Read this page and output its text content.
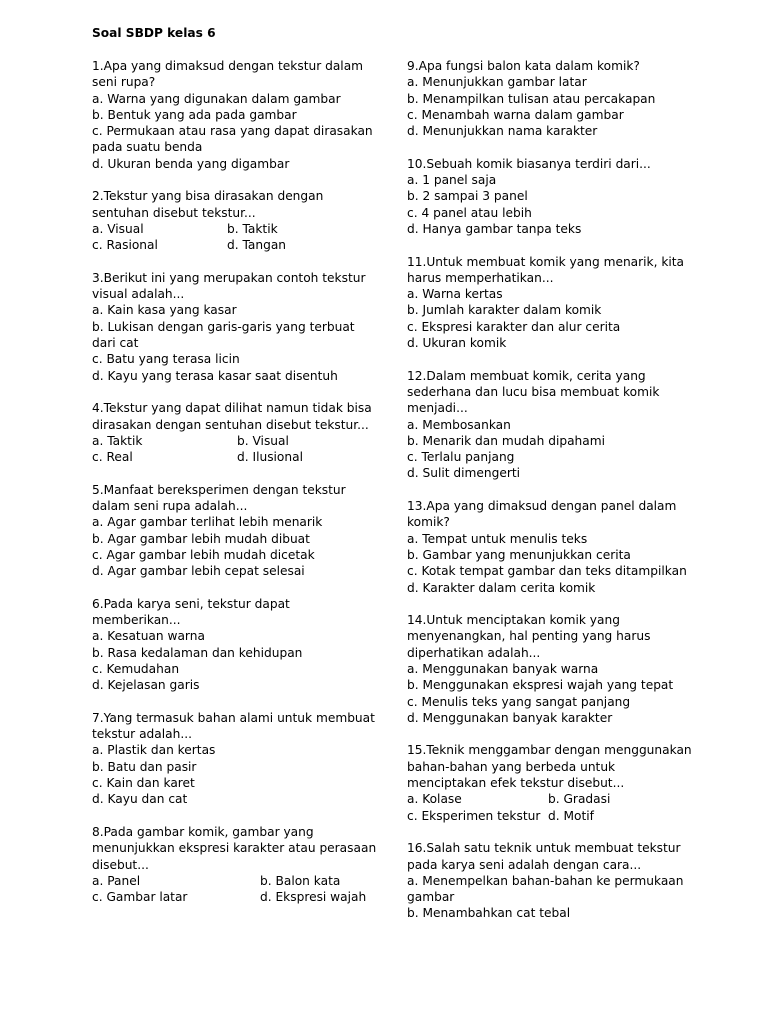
Soal SBDP kelas 6
1.Apa yang dimaksud dengan tekstur dalam
seni rupa?
a. Warna yang digunakan dalam gambar
b. Bentuk yang ada pada gambar
c. Permukaan atau rasa yang dapat dirasakan
pada suatu benda
d. Ukuran benda yang digambar
2.Tekstur yang bisa dirasakan dengan
sentuhan disebut tekstur...
a. Visual	b. Taktik
c. Rasional	d. Tangan
3.Berikut ini yang merupakan contoh tekstur
visual adalah...
a. Kain kasa yang kasar
b. Lukisan dengan garis-garis yang terbuat
dari cat
c. Batu yang terasa licin
d. Kayu yang terasa kasar saat disentuh
4.Tekstur yang dapat dilihat namun tidak bisa
dirasakan dengan sentuhan disebut tekstur...
a. Taktik	b. Visual
c. Real	d. Ilusional
5.Manfaat bereksperimen dengan tekstur
dalam seni rupa adalah...
a. Agar gambar terlihat lebih menarik
b. Agar gambar lebih mudah dibuat
c. Agar gambar lebih mudah dicetak
d. Agar gambar lebih cepat selesai
6.Pada karya seni, tekstur dapat
memberikan...
a. Kesatuan warna
b. Rasa kedalaman dan kehidupan
c. Kemudahan
d. Kejelasan garis
7.Yang termasuk bahan alami untuk membuat
tekstur adalah...
a. Plastik dan kertas
b. Batu dan pasir
c. Kain dan karet
d. Kayu dan cat
8.Pada gambar komik, gambar yang
menunjukkan ekspresi karakter atau perasaan
disebut...
a. Panel	b. Balon kata
c. Gambar latar	d. Ekspresi wajah
9.Apa fungsi balon kata dalam komik?
a. Menunjukkan gambar latar
b. Menampilkan tulisan atau percakapan
c. Menambah warna dalam gambar
d. Menunjukkan nama karakter
10.Sebuah komik biasanya terdiri dari...
a. 1 panel saja
b. 2 sampai 3 panel
c. 4 panel atau lebih
d. Hanya gambar tanpa teks
11.Untuk membuat komik yang menarik, kita
harus memperhatikan...
a. Warna kertas
b. Jumlah karakter dalam komik
c. Ekspresi karakter dan alur cerita
d. Ukuran komik
12.Dalam membuat komik, cerita yang
sederhana dan lucu bisa membuat komik
menjadi...
a. Membosankan
b. Menarik dan mudah dipahami
c. Terlalu panjang
d. Sulit dimengerti
13.Apa yang dimaksud dengan panel dalam
komik?
a. Tempat untuk menulis teks
b. Gambar yang menunjukkan cerita
c. Kotak tempat gambar dan teks ditampilkan
d. Karakter dalam cerita komik
14.Untuk menciptakan komik yang
menyenangkan, hal penting yang harus
diperhatikan adalah...
a. Menggunakan banyak warna
b. Menggunakan ekspresi wajah yang tepat
c. Menulis teks yang sangat panjang
d. Menggunakan banyak karakter
15.Teknik menggambar dengan menggunakan
bahan-bahan yang berbeda untuk
menciptakan efek tekstur disebut...
a. Kolase	b. Gradasi
c. Eksperimen tekstur d. Motif
16.Salah satu teknik untuk membuat tekstur
pada karya seni adalah dengan cara...
a. Menempelkan bahan-bahan ke permukaan
gambar
b. Menambahkan cat tebal
